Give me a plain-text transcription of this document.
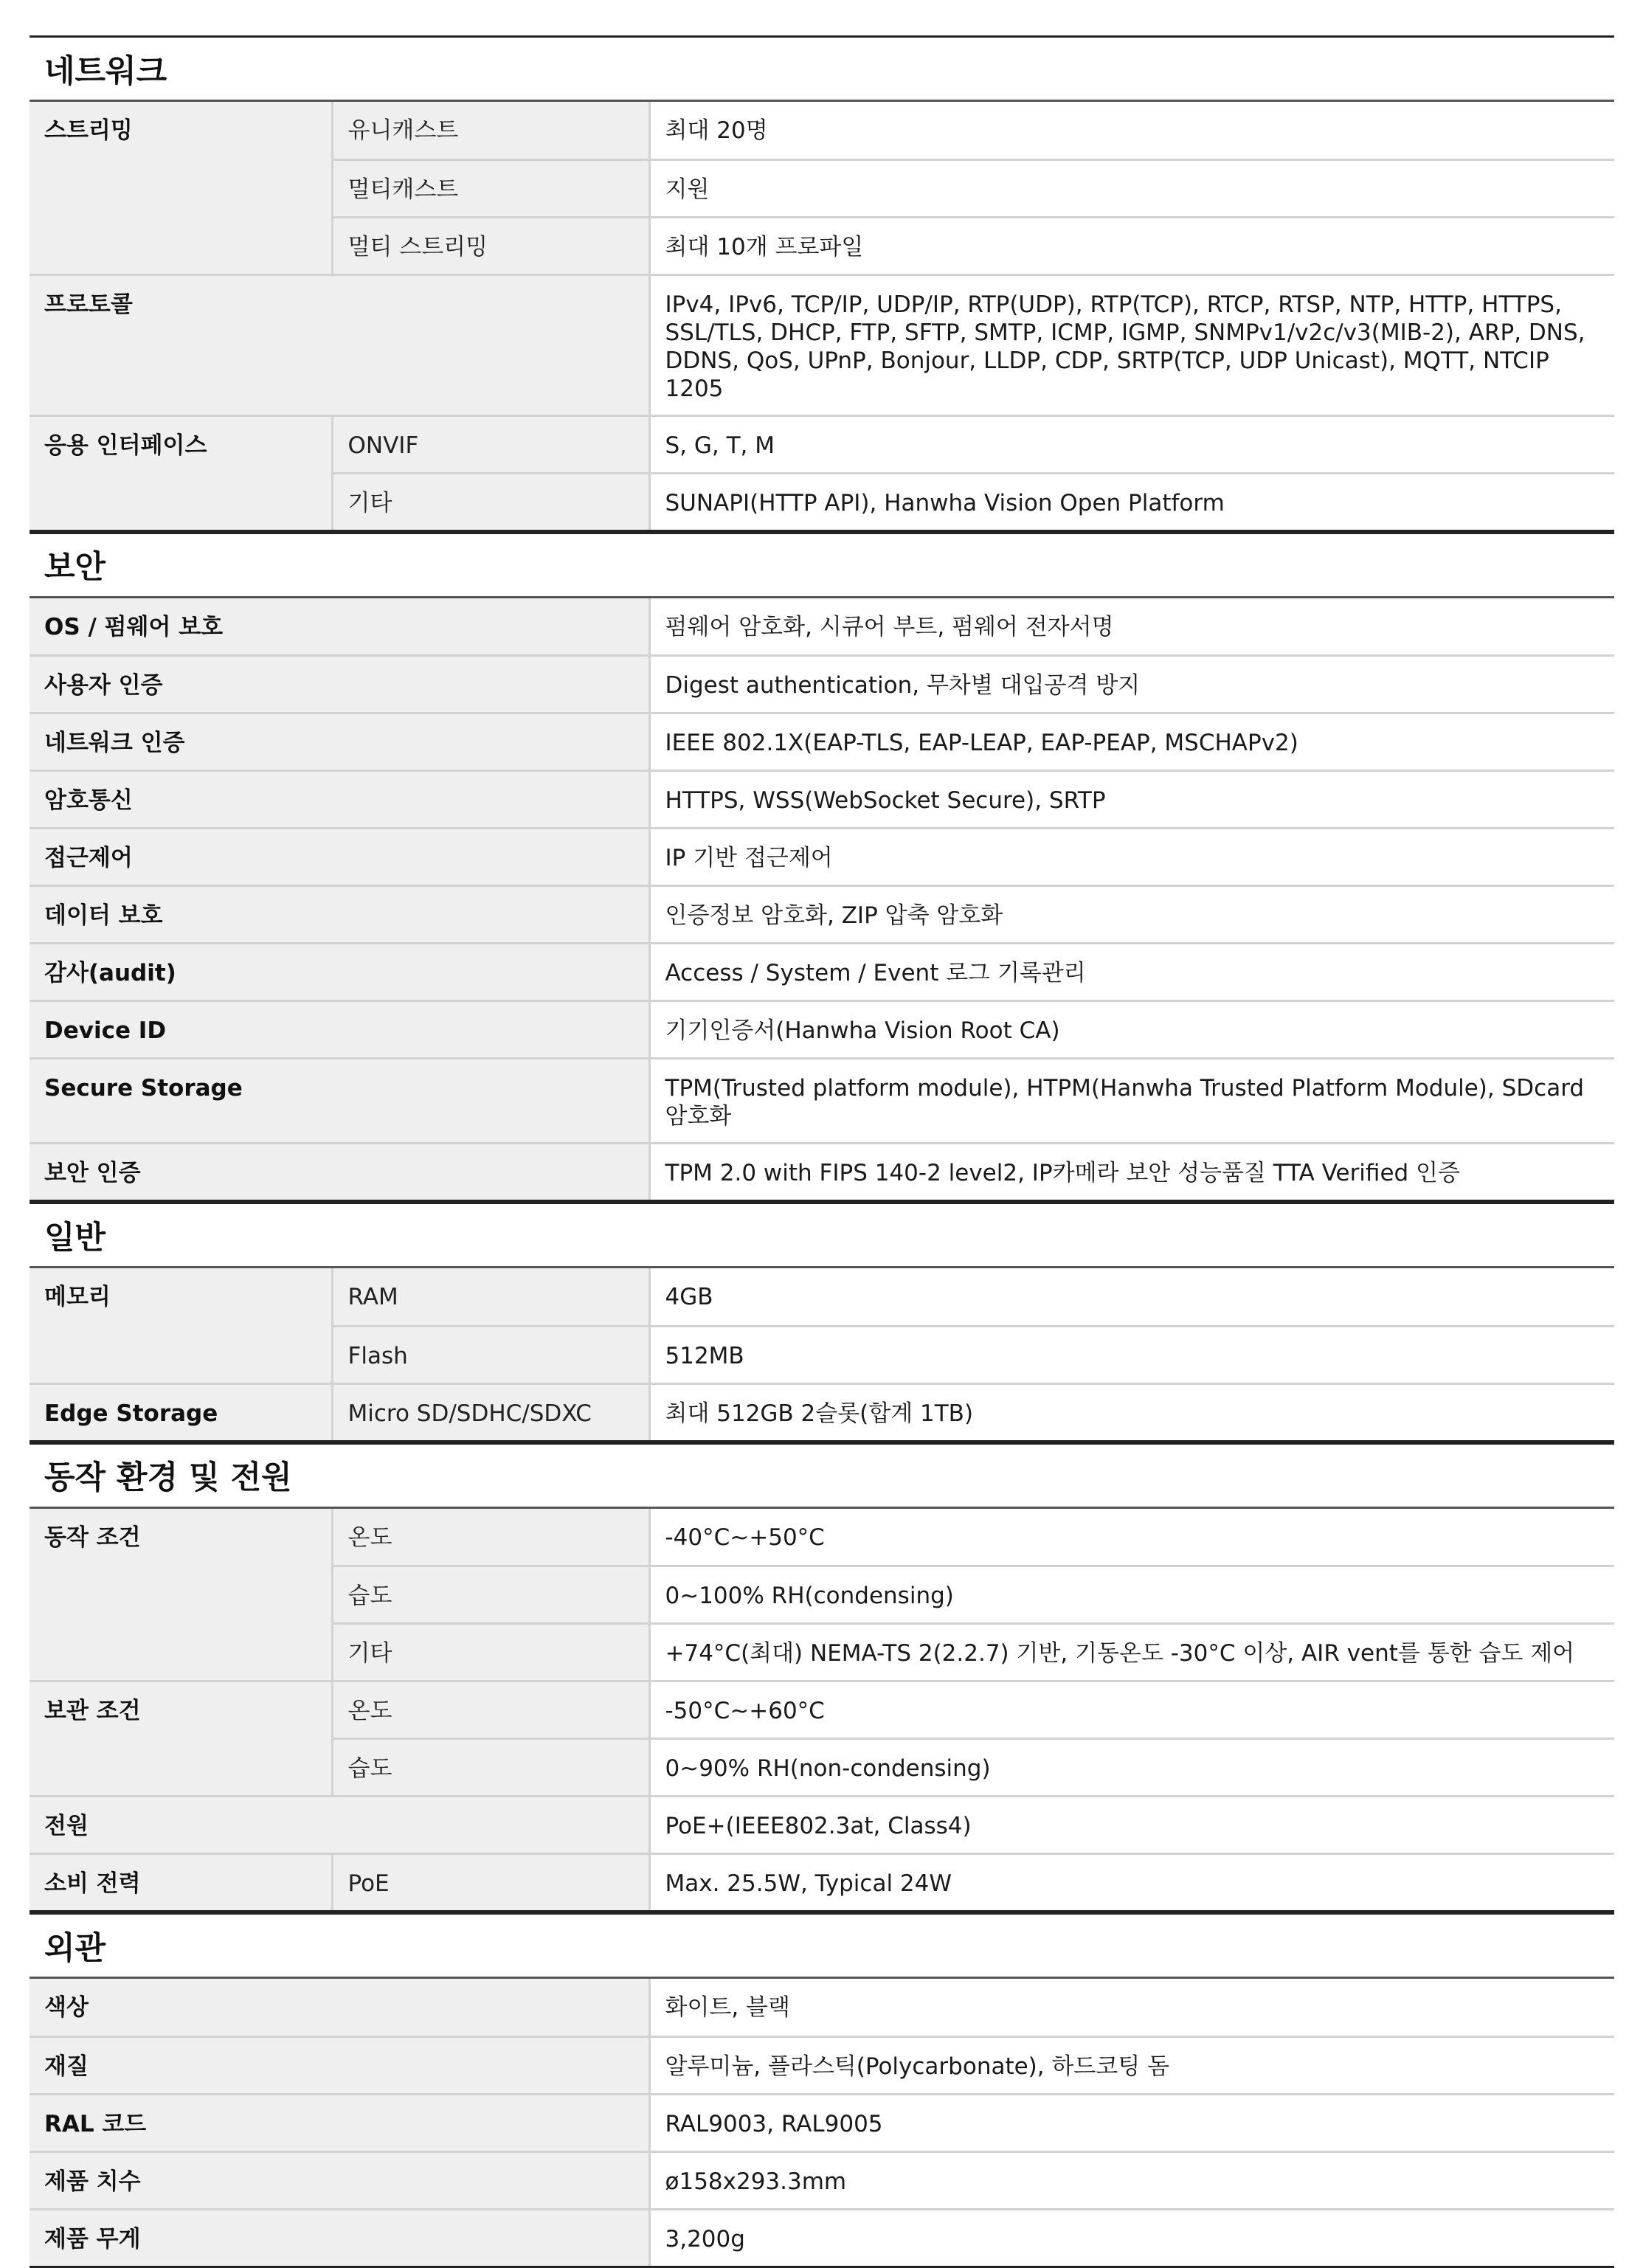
네트워크
스트리밍	유니캐스트	최대 20명

	멀티캐스트	지원

	멀티 스트리밍	최대 10개 프로파일

프로토콜		IPv4, IPv6, TCP/IP, UDP/IP, RTP(UDP), RTP(TCP), RTCP, RTSP, NTP, HTTP, HTTPS,
SSL/TLS, DHCP, FTP, SFTP, SMTP, ICMP, IGMP, SNMPv1/v2c/v3(MIB-2), ARP, DNS,
DDNS, QoS, UPnP, Bonjour, LLDP, CDP, SRTP(TCP, UDP Unicast), MQTT, NTCIP 1205

응용 인터페이스	ONVIF	S, G, T, M

	기타	SUNAPI(HTTP API), Hanwha Vision Open Platform
보안
OS / 펌웨어 보호	펌웨어 암호화, 시큐어 부트, 펌웨어 전자서명

사용자 인증	Digest authentication, 무차별 대입공격 방지

네트워크 인증	IEEE 802.1X(EAP-TLS, EAP-LEAP, EAP-PEAP, MSCHAPv2)

암호통신	HTTPS, WSS(WebSocket Secure), SRTP

접근제어	IP 기반 접근제어

데이터 보호	인증정보 암호화, ZIP 압축 암호화

감사(audit)	Access / System / Event 로그 기록관리

Device ID	기기인증서(Hanwha Vision Root CA)

Secure Storage	TPM(Trusted platform module), HTPM(Hanwha Trusted Platform Module), SDcard 암호화

보안 인증	TPM 2.0 with FIPS 140-2 level2, IP카메라 보안 성능품질 TTA Verified 인증
일반
메모리	RAM	4GB

	Flash	512MB

Edge Storage	Micro SD/SDHC/SDXC	최대 512GB 2슬롯(합계 1TB)
동작 환경 및 전원
동작 조건	온도	-40°C~+50°C

	습도	0~100% RH(condensing)

	기타	+74°C(최대) NEMA-TS 2(2.2.7) 기반, 기동온도 -30°C 이상, AIR vent를 통한 습도 제어

보관 조건	온도	-50°C~+60°C

	습도	0~90% RH(non-condensing)

전원		PoE+(IEEE802.3at, Class4)

소비 전력	PoE	Max. 25.5W, Typical 24W
외관
색상	화이트, 블랙

재질	알루미늄, 플라스틱(Polycarbonate), 하드코팅 돔

RAL 코드	RAL9003, RAL9005

제품 치수	ø158x293.3mm

제품 무게	3,200g
